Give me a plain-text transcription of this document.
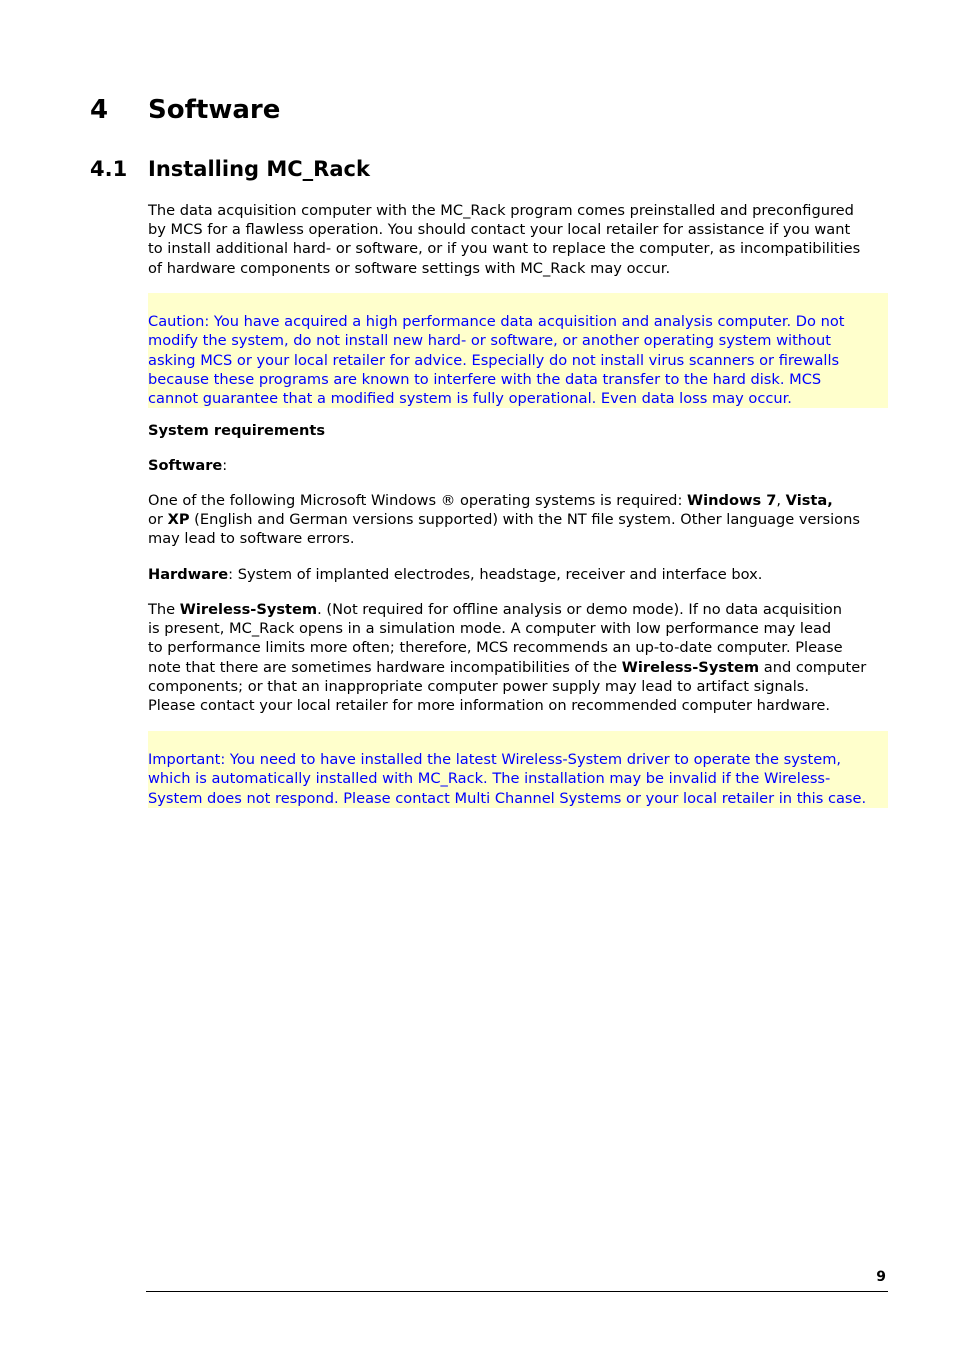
4 Software
4.1 Installing MC_Rack

The data acquisition computer with the MC_Rack program comes preinstalled and preconfigured
by MCS for a flawless operation. You should contact your local retailer for assistance if you want
to install additional hard- or software, or if you want to replace the computer, as incompatibilities
of hardware components or software settings with MC_Rack may occur.

Caution: You have acquired a high performance data acquisition and analysis computer. Do not
modify the system, do not install new hard- or software, or another operating system without
asking MCS or your local retailer for advice. Especially do not install virus scanners or firewalls
because these programs are known to interfere with the data transfer to the hard disk. MCS
cannot guarantee that a modified system is fully operational. Even data loss may occur.

System requirements
Software:

One of the following Microsoft Windows ® operating systems is required: Windows 7, Vista,
or XP (English and German versions supported) with the NT file system. Other language versions
may lead to software errors.

Hardware: System of implanted electrodes, headstage, receiver and interface box.

The Wireless-System. (Not required for offline analysis or demo mode). If no data acquisition
is present, MC_Rack opens in a simulation mode. A computer with low performance may lead
to performance limits more often; therefore, MCS recommends an up-to-date computer. Please
note that there are sometimes hardware incompatibilities of the Wireless-System and computer
components; or that an inappropriate computer power supply may lead to artifact signals.
Please contact your local retailer for more information on recommended computer hardware.

Important: You need to have installed the latest Wireless-System driver to operate the system,
which is automatically installed with MC_Rack. The installation may be invalid if the Wireless-
System does not respond. Please contact Multi Channel Systems or your local retailer in this case.

9
